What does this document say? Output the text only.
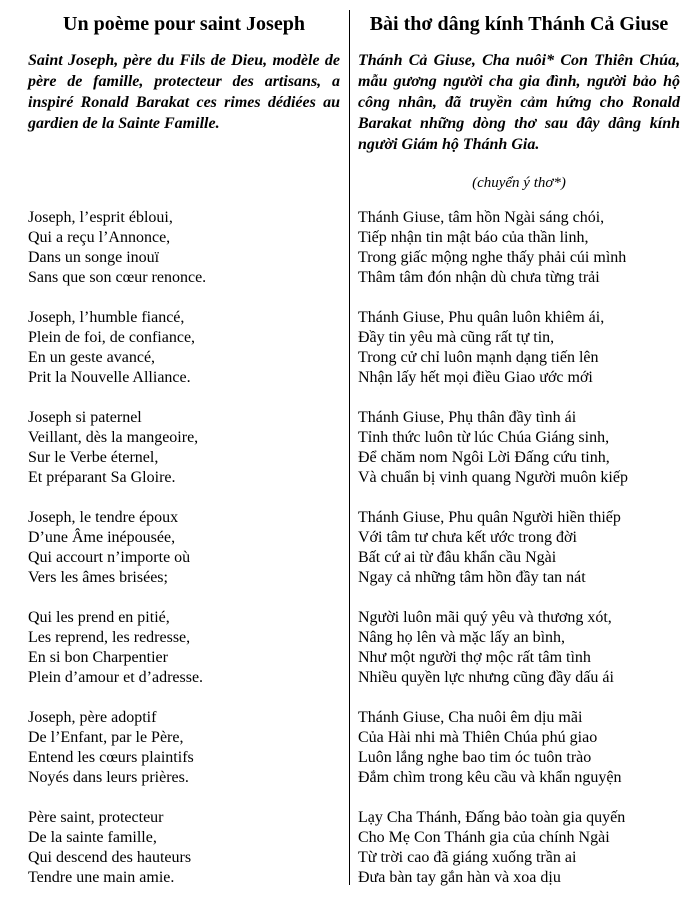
Un poème pour saint Joseph

Saint Joseph, père du Fils de Dieu, modèle de père de famille, protecteur des artisans, a inspiré Ronald Barakat ces rimes dédiées au gardien de la Sainte Famille.

Joseph, l’esprit ébloui,
Qui a reçu l’Annonce,
Dans un songe inouï
Sans que son cœur renonce.
Joseph, l’humble fiancé,
Plein de foi, de confiance,
En un geste avancé,
Prit la Nouvelle Alliance.
Joseph si paternel
Veillant, dès la mangeoire,
Sur le Verbe éternel,
Et préparant Sa Gloire.
Joseph, le tendre époux
D’une Âme inépousée,
Qui accourt n’importe où
Vers les âmes brisées;
Qui les prend en pitié,
Les reprend, les redresse,
En si bon Charpentier
Plein d’amour et d’adresse.
Joseph, père adoptif
De l’Enfant, par le Père,
Entend les cœurs plaintifs
Noyés dans leurs prières.
Père saint, protecteur
De la sainte famille,
Qui descend des hauteurs
Tendre une main amie.
Bài thơ dâng kính Thánh Cả Giuse

Thánh Cả Giuse, Cha nuôi* Con Thiên Chúa, mẫu gương người cha gia đình, người bảo hộ công nhân, đã truyền cảm hứng cho Ronald Barakat những dòng thơ sau đây dâng kính người Giám hộ Thánh Gia.

(chuyển ý thơ*)

Thánh Giuse, tâm hồn Ngài sáng chói,
Tiếp nhận tin mật báo của thần linh,
Trong giấc mộng nghe thấy phải cúi mình
Thâm tâm đón nhận dù chưa từng trải
Thánh Giuse, Phu quân luôn khiêm ái,
Đầy tin yêu mà cũng rất tự tin,
Trong cử chỉ luôn mạnh dạng tiến lên
Nhận lấy hết mọi điều Giao ước mới
Thánh Giuse, Phụ thân đầy tình ái
Tỉnh thức luôn từ lúc Chúa Giáng sinh,
Để chăm nom Ngôi Lời Đấng cứu tinh,
Và chuẩn bị vinh quang Người muôn kiếp
Thánh Giuse, Phu quân Người hiền thiếp
Với tâm tư chưa kết ước trong đời
Bất cứ ai từ đâu khẩn cầu Ngài
Ngay cả những tâm hồn đầy tan nát
Người luôn mãi quý yêu và thương xót,
Nâng họ lên và mặc lấy an bình,
Như một người thợ mộc rất tâm tình
Nhiều quyền lực nhưng cũng đầy dấu ái
Thánh Giuse, Cha nuôi êm dịu mãi
Của Hài nhi mà Thiên Chúa phú giao
Luôn lắng nghe bao tim óc tuôn trào
Đắm chìm trong kêu cầu và khẩn nguyện
Lạy Cha Thánh, Đấng bảo toàn gia quyến
Cho Mẹ Con Thánh gia của chính Ngài
Từ trời cao đã giáng xuống trần ai
Đưa bàn tay gắn hàn và xoa dịu
